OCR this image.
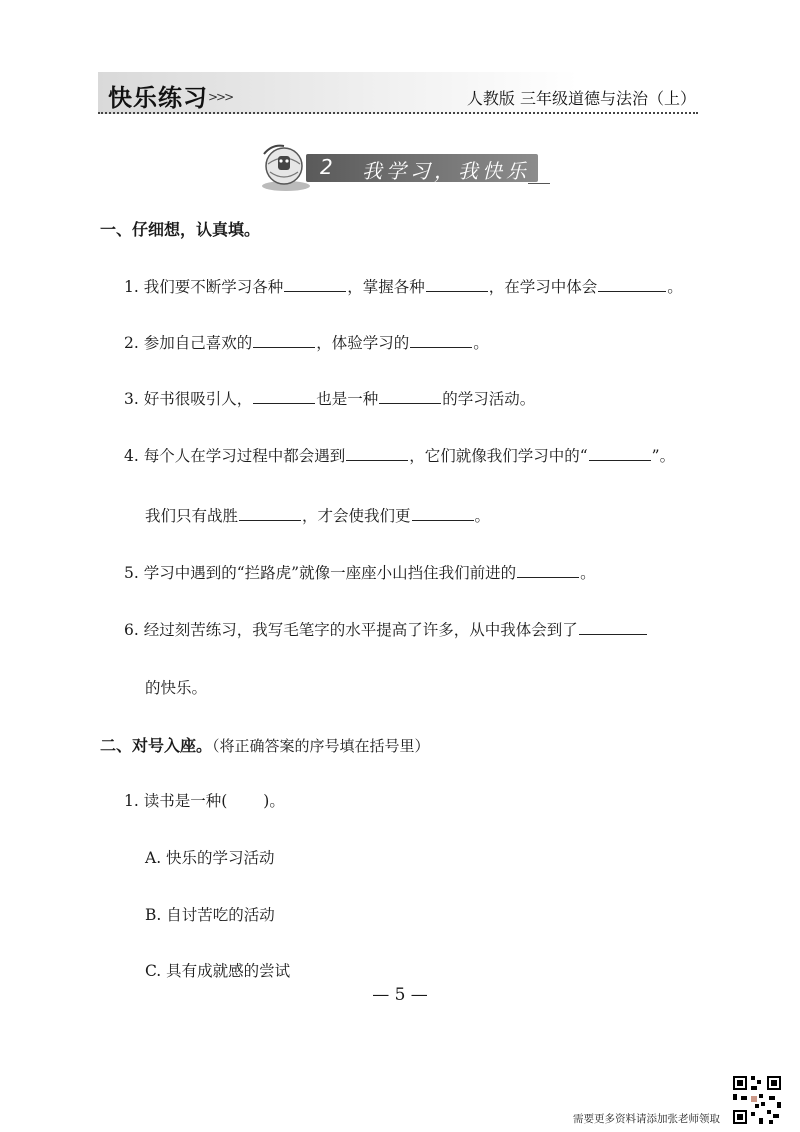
快乐练习 >>>	人教版 三年级道德与法治（上）
2 我学习，我快乐
一、仔细想，认真填。
1. 我们要不断学习各种	，掌握各种	，在学习中体会	。
2. 参加自己喜欢的	，体验学习的	。
3. 好书很吸引人，	也是一种	的学习活动。
4. 每个人在学习过程中都会遇到	，它们就像我们学习中的“	”。
我们只有战胜	，才会使我们更	。
5. 学习中遇到的“拦路虎”就像一座座小山挡住我们前进的	。
6. 经过刻苦练习，我写毛笔字的水平提高了许多，从中我体会到了
的快乐。
二、对号入座。（将正确答案的序号填在括号里）
1. 读书是一种( )。
A. 快乐的学习活动
B. 自讨苦吃的活动
C. 具有成就感的尝试
— 5 —
需要更多资料请添加张老师领取
